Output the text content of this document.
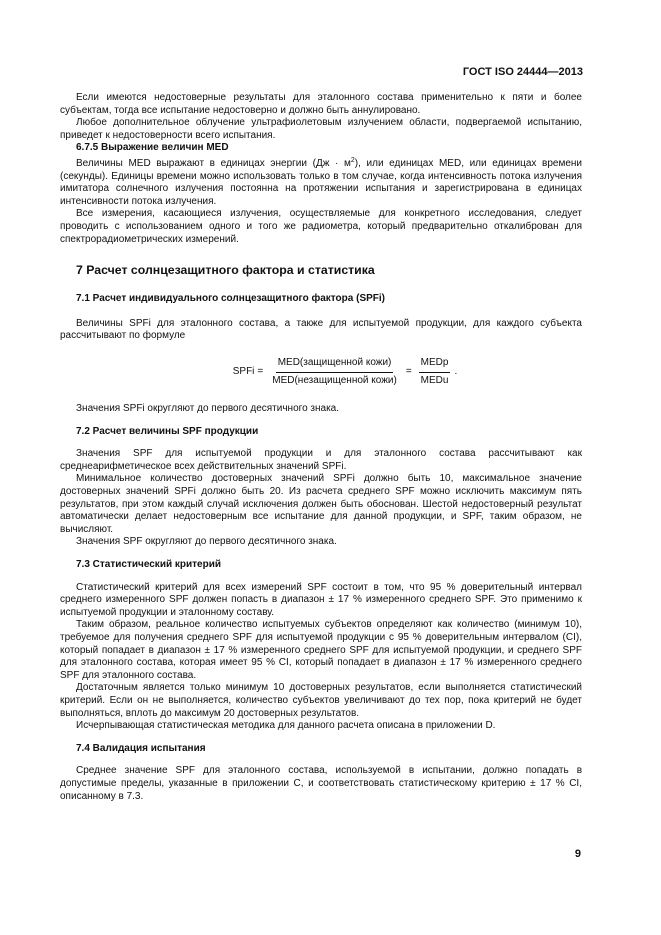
ГОСТ ISO 24444—2013

Если имеются недостоверные результаты для эталонного состава применительно к пяти и более субъектам, тогда все испытание недостоверно и должно быть аннулировано.

Любое дополнительное облучение ультрафиолетовым излучением области, подвергаемой испытанию, приведет к недостоверности всего испытания.

6.7.5 Выражение величин MED

Величины MED выражают в единицах энергии $(Дж \cdot м^2)$, или единицах MED, или единицах времени (секунды). Единицы времени можно использовать только в том случае, когда интенсивность потока излучения имитатора солнечного излучения постоянна на протяжении испытания и зарегистрирована в единицах интенсивности потока излучения.

Все измерения, касающиеся излучения, осуществляемые для конкретного исследования, следует проводить с использованием одного и того же радиометра, который предварительно откалиброван для спектрорадиометрических измерений.

7 Расчет солнцезащитного фактора и статистика
7.1 Расчет индивидуального солнцезащитного фактора (SPFi)

Величины SPFi для эталонного состава, а также для испытуемой продукции, для каждого субъекта рассчитывают по формуле

SPFi = $\frac{\text{MED(защищенной кожи)}}{\text{MED(незащищенной кожи)}} = \frac{\text{MEDp}}{\text{MEDu}}$ .

Значения SPFi округляют до первого десятичного знака.

7.2 Расчет величины SPF продукции

Значения SPF для испытуемой продукции и для эталонного состава рассчитывают как среднеарифметическое всех действительных значений SPFi.

Минимальное количество достоверных значений SPFi должно быть 10, максимальное значение достоверных значений SPFi должно быть 20. Из расчета среднего SPF можно исключить максимум пять результатов, при этом каждый случай исключения должен быть обоснован. Шестой недостоверный результат автоматически делает недостоверным все испытание для данной продукции, и SPF, таким образом, не вычисляют.

Значения SPF округляют до первого десятичного знака.

7.3 Статистический критерий

Статистический критерий для всех измерений SPF состоит в том, что 95 % доверительный интервал среднего измеренного SPF должен попасть в диапазон ± 17 % измеренного среднего SPF. Это применимо к испытуемой продукции и эталонному составу.

Таким образом, реальное количество испытуемых субъектов определяют как количество (минимум 10), требуемое для получения среднего SPF для испытуемой продукции с 95 % доверительным интервалом (CI), который попадает в диапазон ± 17 % измеренного среднего SPF для испытуемой продукции, и среднего SPF для эталонного состава, которая имеет 95 % CI, который попадает в диапазон ± 17 % измеренного среднего SPF для эталонного состава.

Достаточным является только минимум 10 достоверных результатов, если выполняется статистический критерий. Если он не выполняется, количество субъектов увеличивают до тех пор, пока критерий не будет выполняться, вплоть до максимум 20 достоверных результатов.

Исчерпывающая статистическая методика для данного расчета описана в приложении D.

7.4 Валидация испытания

Среднее значение SPF для эталонного состава, используемой в испытании, должно попадать в допустимые пределы, указанные в приложении С, и соответствовать статистическому критерию ± 17 % CI, описанному в 7.3.

9
